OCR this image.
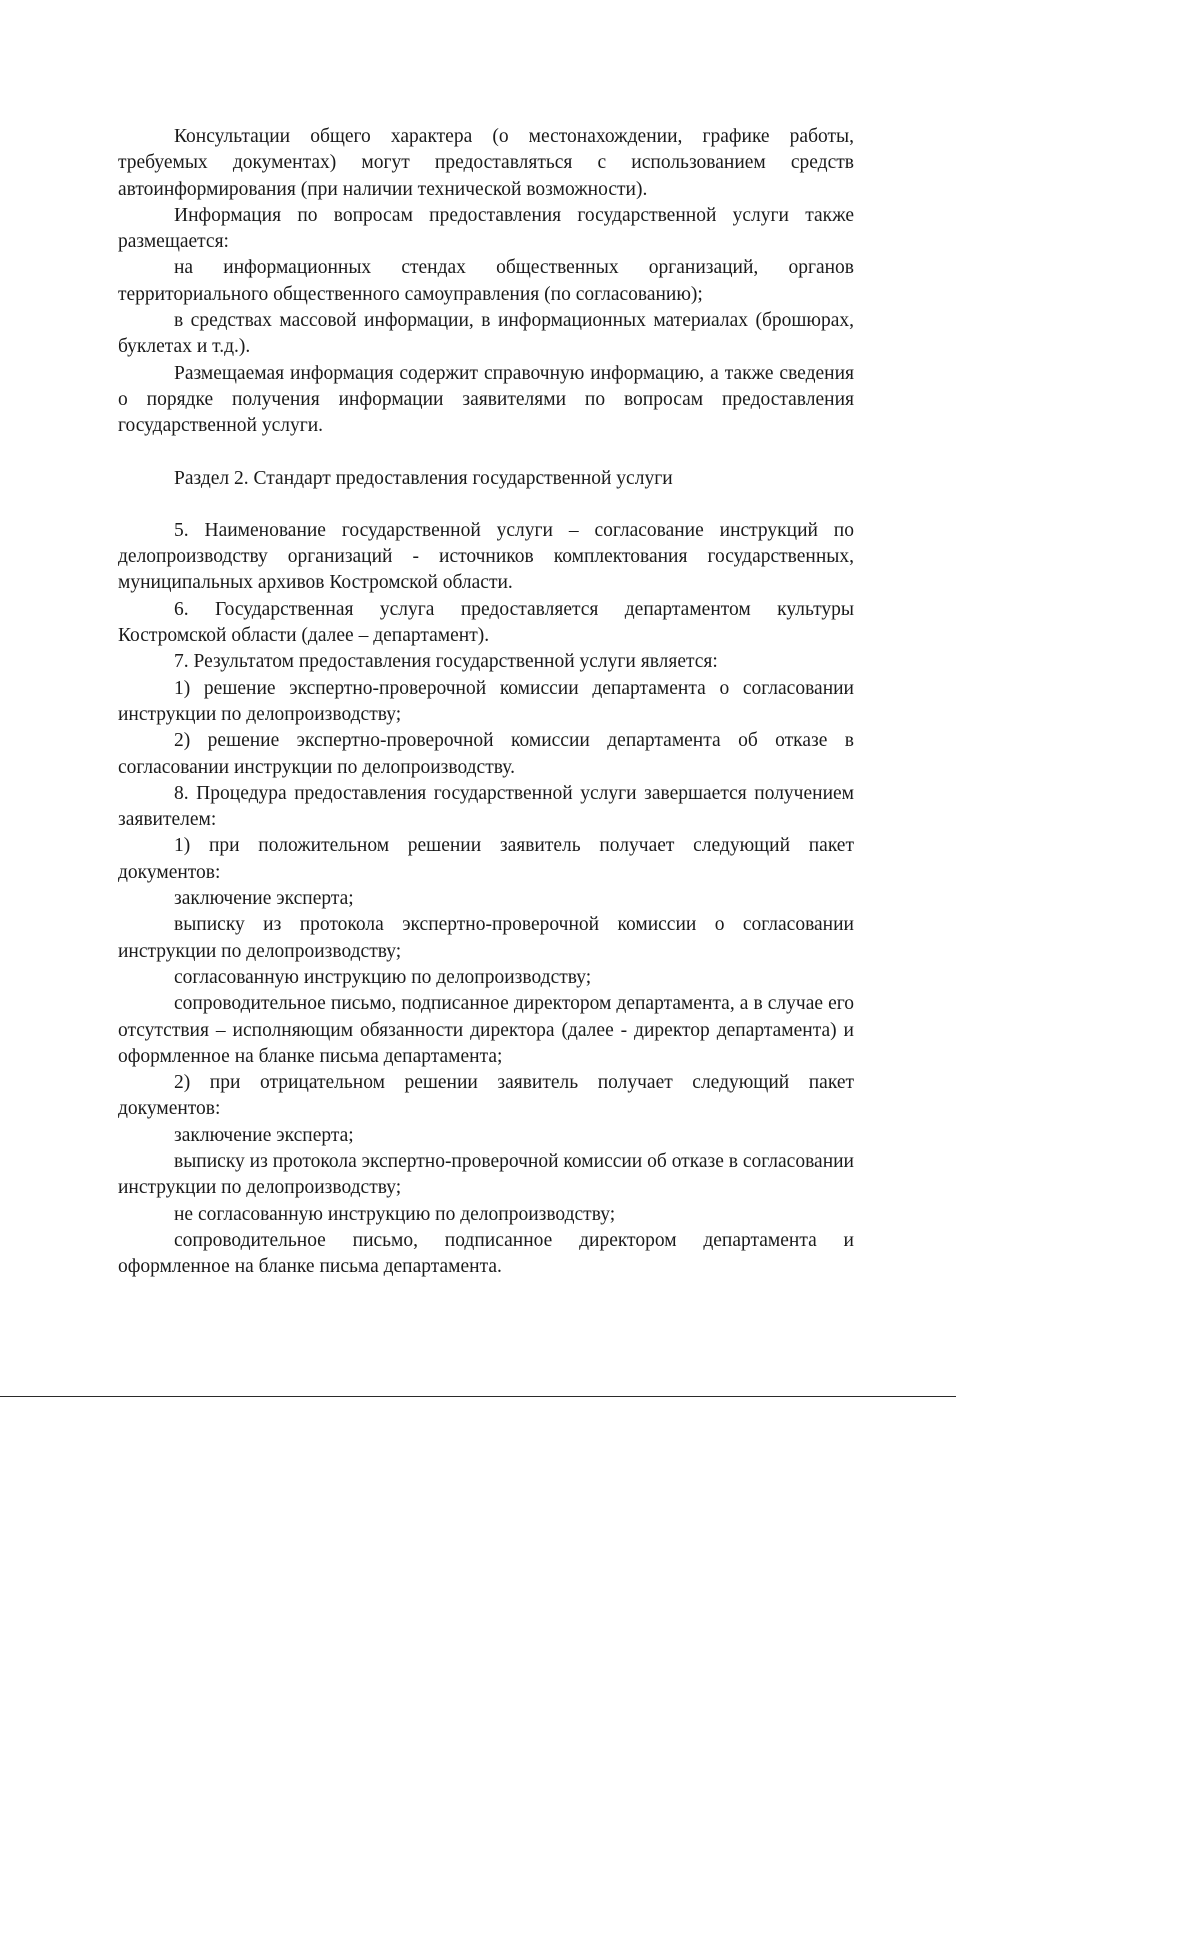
Консультации общего характера (о местонахождении, графике работы, требуемых документах) могут предоставляться с использованием средств автоинформирования (при наличии технической возможности).

Информация по вопросам предоставления государственной услуги также размещается:

на информационных стендах общественных организаций, органов территориального общественного самоуправления (по согласованию);

в средствах массовой информации, в информационных материалах (брошюрах, буклетах и т.д.).

Размещаемая информация содержит справочную информацию, а также сведения о порядке получения информации заявителями по вопросам предоставления государственной услуги.

Раздел 2. Стандарт предоставления государственной услуги

5. Наименование государственной услуги – согласование инструкций по делопроизводству организаций - источников комплектования государственных, муниципальных архивов Костромской области.

6. Государственная услуга предоставляется департаментом культуры Костромской области (далее – департамент).

7. Результатом предоставления государственной услуги является:

1) решение экспертно-проверочной комиссии департамента о согласовании инструкции по делопроизводству;

2) решение экспертно-проверочной комиссии департамента об отказе в согласовании инструкции по делопроизводству.

8. Процедура предоставления государственной услуги завершается получением заявителем:

1) при положительном решении заявитель получает следующий пакет документов:

заключение эксперта;

выписку из протокола экспертно-проверочной комиссии о согласовании инструкции по делопроизводству;

согласованную инструкцию по делопроизводству;

сопроводительное письмо, подписанное директором департамента, а в случае его отсутствия – исполняющим обязанности директора (далее - директор департамента) и оформленное на бланке письма департамента;

2) при отрицательном решении заявитель получает следующий пакет документов:

заключение эксперта;

выписку из протокола экспертно-проверочной комиссии об отказе в согласовании инструкции по делопроизводству;

не согласованную инструкцию по делопроизводству;

сопроводительное письмо, подписанное директором департамента и оформленное на бланке письма департамента.
